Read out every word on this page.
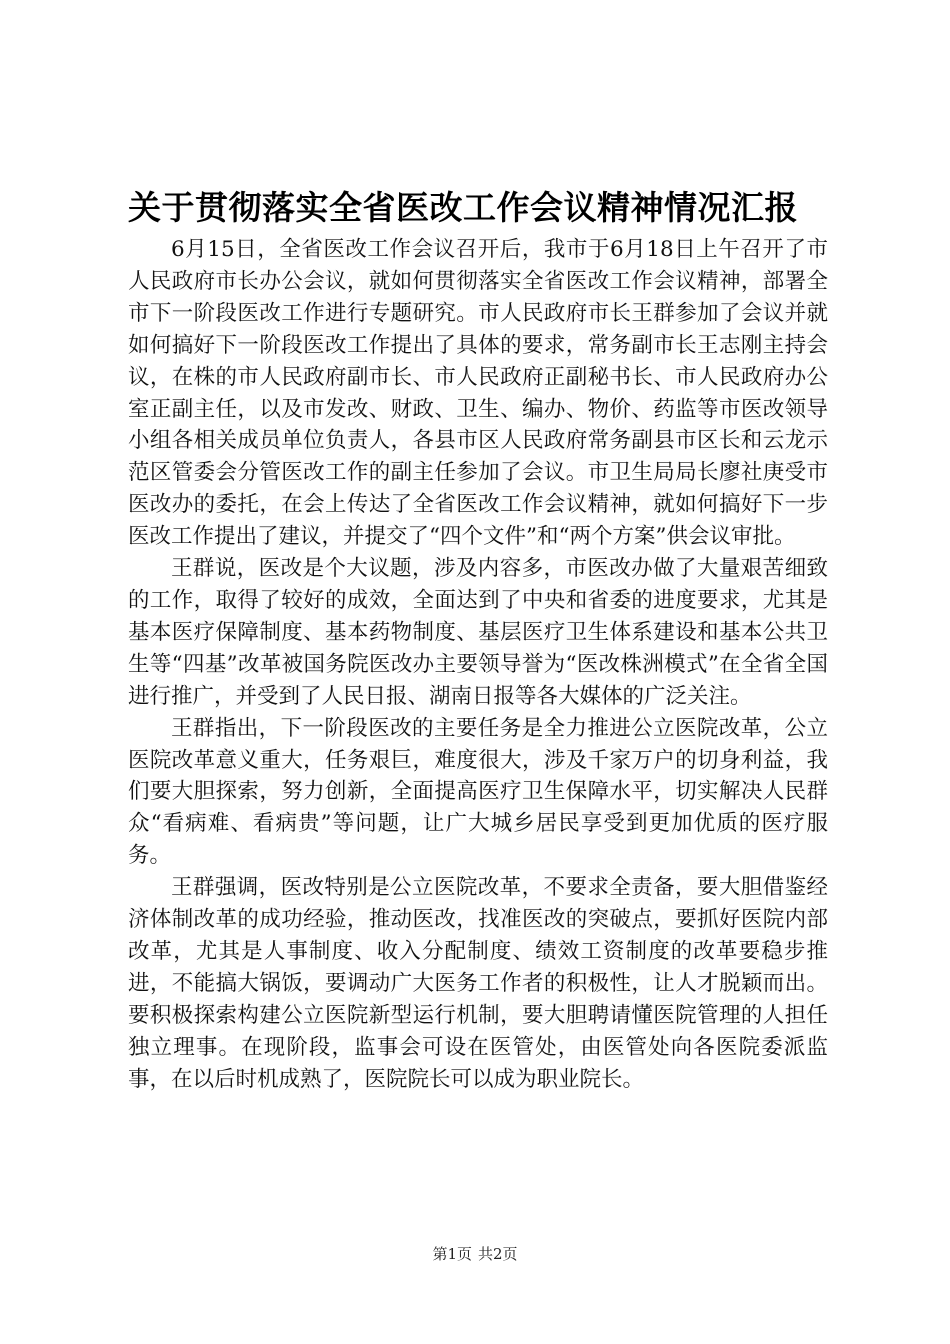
关于贯彻落实全省医改工作会议精神情况汇报

6月15日，全省医改工作会议召开后，我市于6月18日上午召开了市人民政府市长办公会议，就如何贯彻落实全省医改工作会议精神，部署全市下一阶段医改工作进行专题研究。市人民政府市长王群参加了会议并就如何搞好下一阶段医改工作提出了具体的要求，常务副市长王志刚主持会议，在株的市人民政府副市长、市人民政府正副秘书长、市人民政府办公室正副主任，以及市发改、财政、卫生、编办、物价、药监等市医改领导小组各相关成员单位负责人，各县市区人民政府常务副县市区长和云龙示范区管委会分管医改工作的副主任参加了会议。市卫生局局长廖社庚受市医改办的委托，在会上传达了全省医改工作会议精神，就如何搞好下一步医改工作提出了建议，并提交了“四个文件”和“两个方案”供会议审批。

王群说，医改是个大议题，涉及内容多，市医改办做了大量艰苦细致的工作，取得了较好的成效，全面达到了中央和省委的进度要求，尤其是基本医疗保障制度、基本药物制度、基层医疗卫生体系建设和基本公共卫生等“四基”改革被国务院医改办主要领导誉为“医改株洲模式”在全省全国进行推广，并受到了人民日报、湖南日报等各大媒体的广泛关注。

王群指出，下一阶段医改的主要任务是全力推进公立医院改革，公立医院改革意义重大，任务艰巨，难度很大，涉及千家万户的切身利益，我们要大胆探索，努力创新，全面提高医疗卫生保障水平，切实解决人民群众“看病难、看病贵”等问题，让广大城乡居民享受到更加优质的医疗服务。

王群强调，医改特别是公立医院改革，不要求全责备，要大胆借鉴经济体制改革的成功经验，推动医改，找准医改的突破点，要抓好医院内部改革，尤其是人事制度、收入分配制度、绩效工资制度的改革要稳步推进，不能搞大锅饭，要调动广大医务工作者的积极性，让人才脱颖而出。要积极探索构建公立医院新型运行机制，要大胆聘请懂医院管理的人担任独立理事。在现阶段，监事会可设在医管处，由医管处向各医院委派监事，在以后时机成熟了，医院院长可以成为职业院长。

第1页 共2页
